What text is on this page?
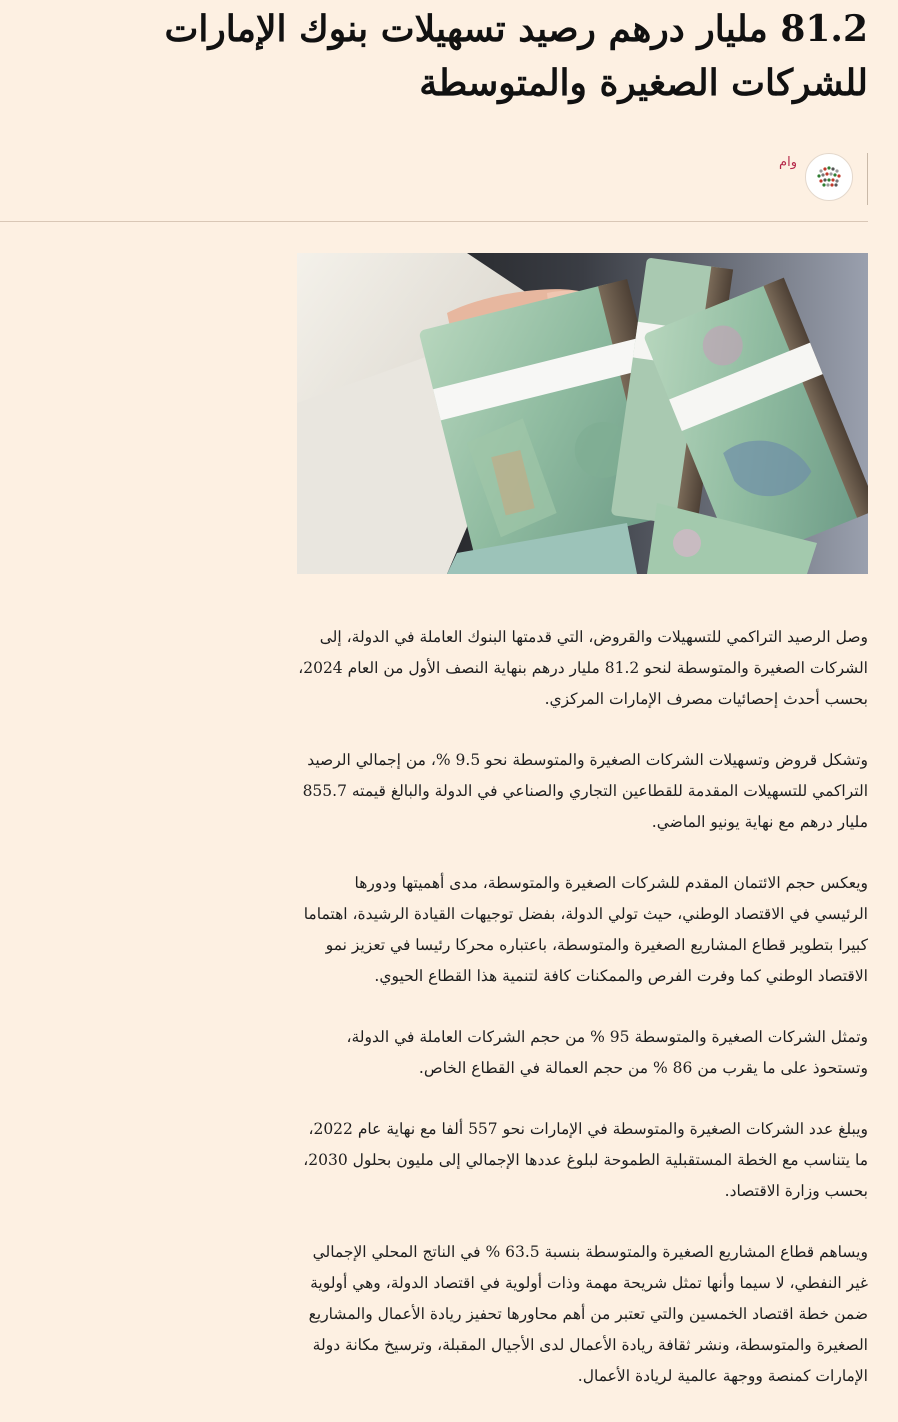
81.2 مليار درهم رصيد تسهيلات بنوك الإمارات للشركات الصغيرة والمتوسطة
وام

وصل الرصيد التراكمي للتسهيلات والقروض، التي قدمتها البنوك العاملة في الدولة، إلى الشركات الصغيرة والمتوسطة لنحو 81.2 مليار درهم بنهاية النصف الأول من العام 2024، بحسب أحدث إحصائيات مصرف الإمارات المركزي.

وتشكل قروض وتسهيلات الشركات الصغيرة والمتوسطة نحو 9.5 %، من إجمالي الرصيد التراكمي للتسهيلات المقدمة للقطاعين التجاري والصناعي في الدولة والبالغ قيمته 855.7 مليار درهم مع نهاية يونيو الماضي.

ويعكس حجم الائتمان المقدم للشركات الصغيرة والمتوسطة، مدى أهميتها ودورها الرئيسي في الاقتصاد الوطني، حيث تولي الدولة، بفضل توجيهات القيادة الرشيدة، اهتماما كبيرا بتطوير قطاع المشاريع الصغيرة والمتوسطة، باعتباره محركا رئيسا في تعزيز نمو الاقتصاد الوطني كما وفرت الفرص والممكنات كافة لتنمية هذا القطاع الحيوي.

وتمثل الشركات الصغيرة والمتوسطة 95 % من حجم الشركات العاملة في الدولة، وتستحوذ على ما يقرب من 86 % من حجم العمالة في القطاع الخاص.

ويبلغ عدد الشركات الصغيرة والمتوسطة في الإمارات نحو 557 ألفا مع نهاية عام 2022، ما يتناسب مع الخطة المستقبلية الطموحة لبلوغ عددها الإجمالي إلى مليون بحلول 2030، بحسب وزارة الاقتصاد.

ويساهم قطاع المشاريع الصغيرة والمتوسطة بنسبة 63.5 % في الناتج المحلي الإجمالي غير النفطي، لا سيما وأنها تمثل شريحة مهمة وذات أولوية في اقتصاد الدولة، وهي أولوية ضمن خطة اقتصاد الخمسين والتي تعتبر من أهم محاورها تحفيز ريادة الأعمال والمشاريع الصغيرة والمتوسطة، ونشر ثقافة ريادة الأعمال لدى الأجيال المقبلة، وترسيخ مكانة دولة الإمارات كمنصة ووجهة عالمية لريادة الأعمال.
